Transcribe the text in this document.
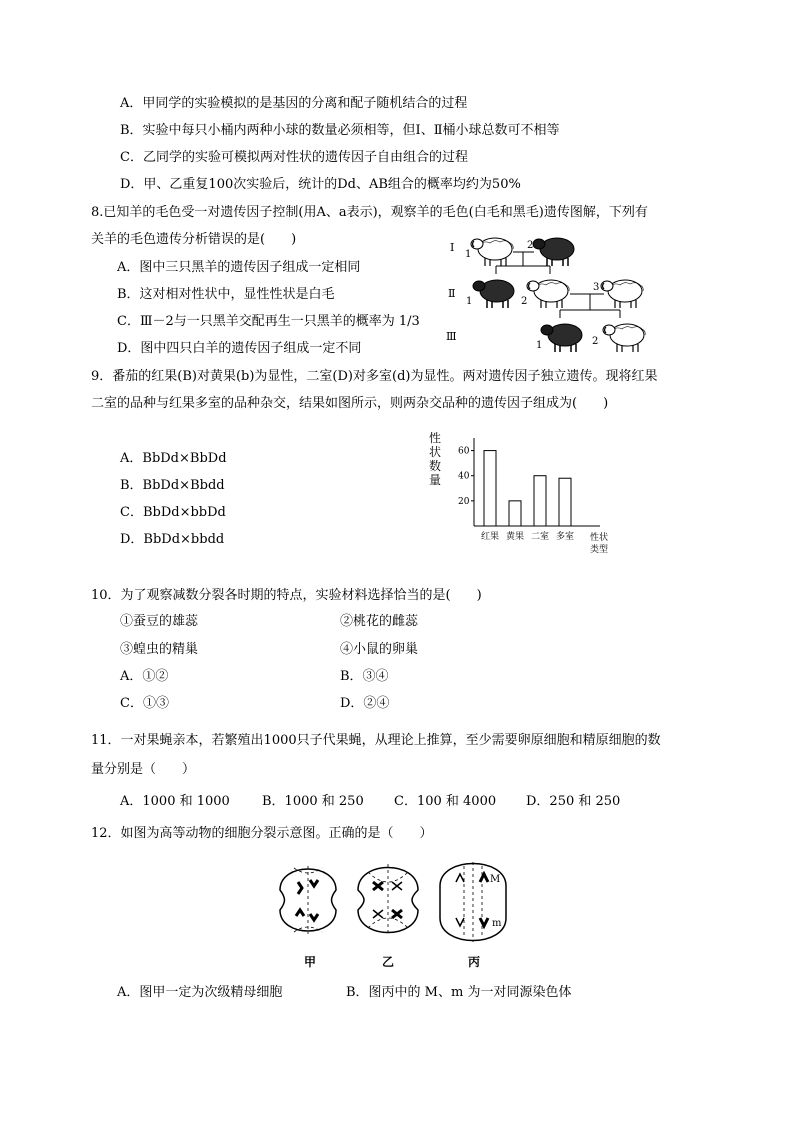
A．甲同学的实验模拟的是基因的分离和配子随机结合的过程
B．实验中每只小桶内两种小球的数量必须相等，但Ⅰ、Ⅱ桶小球总数可不相等
C．乙同学的实验可模拟两对性状的遗传因子自由组合的过程
D．甲、乙重复100次实验后，统计的Dd、AB组合的概率均约为50%
8.已知羊的毛色受一对遗传因子控制(用A、a表示)，观察羊的毛色(白毛和黑毛)遗传图解，下列有
关羊的毛色遗传分析错误的是(　　)
A．图中三只黑羊的遗传因子组成一定相同
B．这对相对性状中，显性性状是白毛
C．Ⅲ－2与一只黑羊交配再生一只黑羊的概率为 1/3
D．图中四只白羊的遗传因子组成一定不同
Ⅰ
Ⅱ
Ⅲ
1
2
1	2
3
1	2
9．番茄的红果(B)对黄果(b)为显性，二室(D)对多室(d)为显性。两对遗传因子独立遗传。现将红果
二室的品种与红果多室的品种杂交，结果如图所示，则两杂交品种的遗传因子组成为(　　)
A．BbDd×BbDd
B．BbDd×Bbdd
C．BbDd×bbDd
D．BbDd×bbdd
性
状
数
量
20
40
60
红果 黄果 二室 多室 性状
类型
10．为了观察减数分裂各时期的特点，实验材料选择恰当的是(　　)
①蚕豆的雄蕊	②桃花的雌蕊
③蝗虫的精巢	④小鼠的卵巢
A．①②	B．③④
C．①③	D．②④
11．一对果蝇亲本，若繁殖出1000只子代果蝇，从理论上推算，至少需要卵原细胞和精原细胞的数
量分别是（　　）
A．1000 和 1000 B．1000 和 250 C．100 和 4000 D．250 和 250
12．如图为高等动物的细胞分裂示意图。正确的是（　　）
M
m
甲	乙	丙
A．图甲一定为次级精母细胞	B．图丙中的 M、m 为一对同源染色体
